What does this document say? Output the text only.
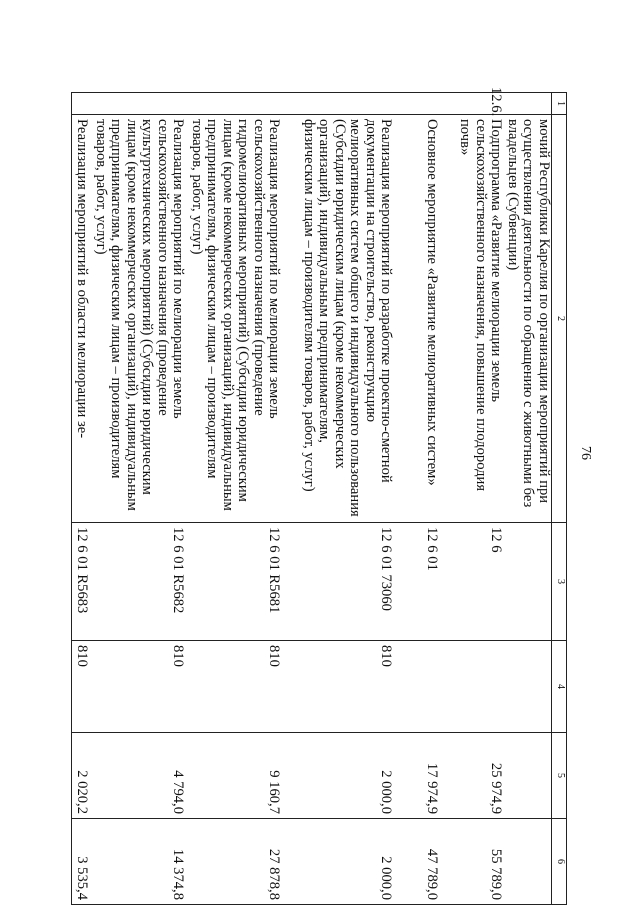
76
1	2	3	4	5	6

	мочий Республики Карелия по организации мероприятий при осуществлении деятельности по обращению с животными без владельцев (Субвенции)				

12.6.	Подпрограмма «Развитие мелиорации земель сельскохозяйственного назначения, повышение плодородия почв»	12 6		25 974,9	55 789,0

	Основное мероприятие «Развитие мелиоративных систем»	12 6 01		17 974,9	47 789,0

	Реализация мероприятий по разработке проектно-сметной документации на строительство, реконструкцию мелиоративных систем общего и индивидуального пользования (Субсидии юридическим лицам (кроме некоммерческих организаций), индивидуальным предпринимателям, физическим лицам – производителям товаров, работ, услуг)	12 6 01 73060	810	2 000,0	2 000,0

	Реализация мероприятий по мелиорации земель сельскохозяйственного назначения (проведение гидромелиоративных мероприятий) (Субсидии юридическим лицам (кроме некоммерческих организаций), индивидуальным предпринимателям, физическим лицам – производителям товаров, работ, услуг)	12 6 01 R5681	810	9 160,7	27 878,8

	Реализация мероприятий по мелиорации земель сельскохозяйственного назначения (проведение культуртехнических мероприятий) (Субсидии юридическим лицам (кроме некоммерческих организаций), индивидуальным предпринимателям, физическим лицам – производителям товаров, работ, услуг)	12 6 01 R5682	810	4 794,0	14 374,8

	Реализация мероприятий в области мелиорации зе-	12 6 01 R5683	810	2 020,2	3 535,4
